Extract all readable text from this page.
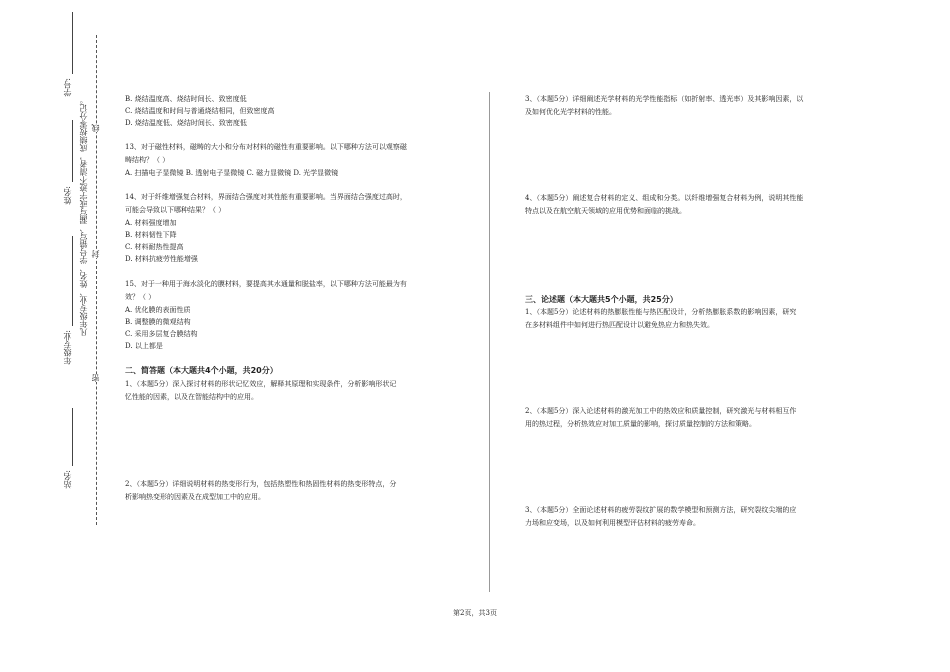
学号:
姓名:
年级专业:
站名:
凡年级专业、姓名、学号错写、漏写或字迹不清者，成绩按零分记。
密
封
线
B. 烧结温度高、烧结时间长、致密度低
C. 烧结温度和时间与普通烧结相同，但致密度高
D. 烧结温度低、烧结时间长、致密度低
13、对于磁性材料，磁畴的大小和分布对材料的磁性有重要影响。以下哪种方法可以观察磁
畴结构？（ ）
A. 扫描电子显微镜 B. 透射电子显微镜 C. 磁力显微镜 D. 光学显微镜
14、对于纤维增强复合材料，界面结合强度对其性能有重要影响。当界面结合强度过高时，
可能会导致以下哪种结果？（ ）
A. 材料强度增加
B. 材料韧性下降
C. 材料耐热性提高
D. 材料抗疲劳性能增强
15、对于一种用于海水淡化的膜材料，要提高其水通量和脱盐率，以下哪种方法可能最为有
效？（ ）
A. 优化膜的表面性质
B. 调整膜的微观结构
C. 采用多层复合膜结构
D. 以上都是
二、简答题（本大题共4个小题，共20分）
1、（本题5分）深入探讨材料的形状记忆效应，解释其原理和实现条件，分析影响形状记
忆性能的因素，以及在智能结构中的应用。
2、（本题5分）详细说明材料的热变形行为，包括热塑性和热固性材料的热变形特点，分
析影响热变形的因素及在成型加工中的应用。
3、（本题5分）详细阐述光学材料的光学性能指标（如折射率、透光率）及其影响因素，以
及如何优化光学材料的性能。
4、（本题5分）阐述复合材料的定义、组成和分类。以纤维增强复合材料为例，说明其性能
特点以及在航空航天领域的应用优势和面临的挑战。
三、论述题（本大题共5个小题，共25分）
1、（本题5分）论述材料的热膨胀性能与热匹配设计，分析热膨胀系数的影响因素，研究
在多材料组件中如何进行热匹配设计以避免热应力和热失效。
2、（本题5分）深入论述材料的激光加工中的热效应和质量控制，研究激光与材料相互作
用的热过程，分析热效应对加工质量的影响，探讨质量控制的方法和策略。
3、（本题5分）全面论述材料的疲劳裂纹扩展的数学模型和预测方法，研究裂纹尖端的应
力场和应变场，以及如何利用模型评估材料的疲劳寿命。
第2页，共3页
